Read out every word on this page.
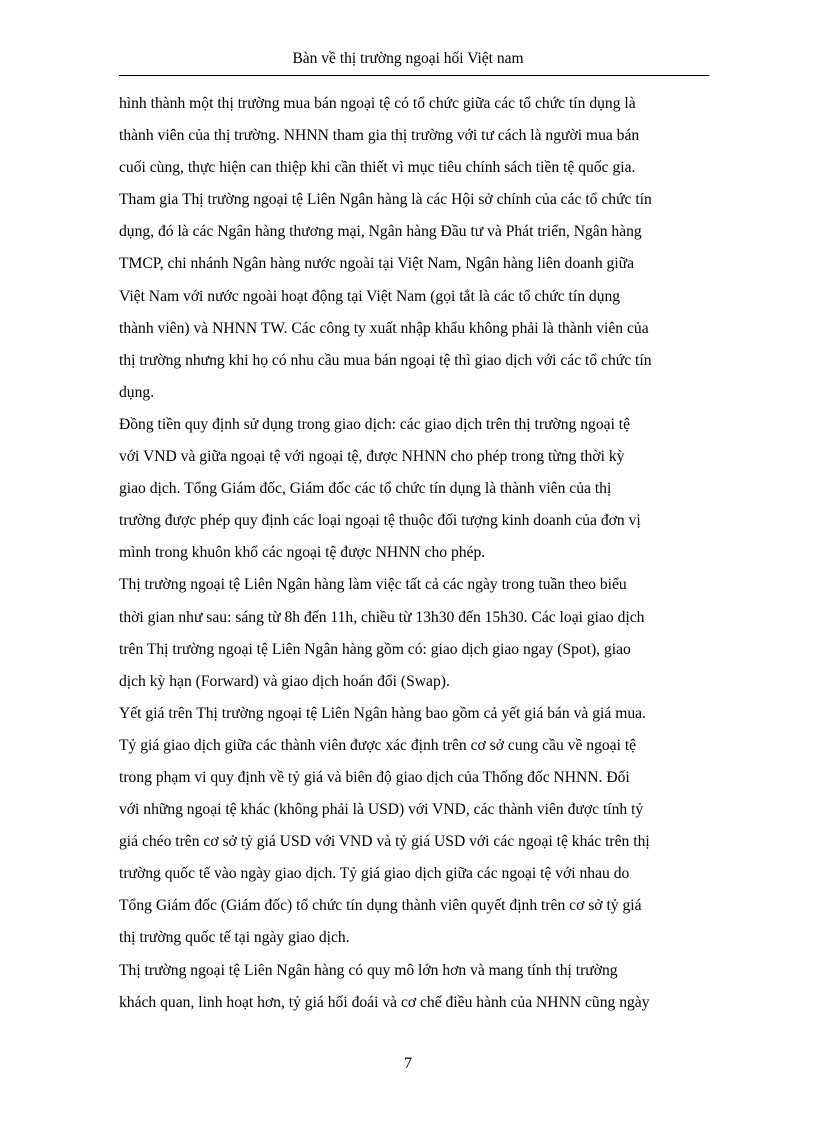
Bàn về thị trường ngoại hối Việt nam
hình thành một thị trường mua bán ngoại tệ có tổ chức giữa các tổ chức tín dụng là
thành viên của thị trường. NHNN tham gia thị trường với tư cách là người mua bán
cuối cùng, thực hiện can thiệp khi cần thiết vì mục tiêu chính sách tiền tệ quốc gia.
Tham gia Thị trường ngoại tệ Liên Ngân hàng là các Hội sở chính của các tổ chức tín
dụng, đó là các Ngân hàng thương mại, Ngân hàng Đầu tư và Phát triển, Ngân hàng
TMCP, chi nhánh Ngân hàng nước ngoài tại Việt Nam, Ngân hàng liên doanh giữa
Việt Nam với nước ngoài hoạt động tại Việt Nam (gọi tắt là các tổ chức tín dụng
thành viên) và NHNN TW. Các công ty xuất nhập khẩu không phải là thành viên của
thị trường nhưng khi họ có nhu cầu mua bán ngoại tệ thì giao dịch với các tổ chức tín
dụng.
Đồng tiền quy định sử dụng trong giao dịch: các giao dịch trên thị trường ngoại tệ
với VND và giữa ngoại tệ với ngoại tệ, được NHNN cho phép trong từng thời kỳ
giao dịch. Tổng Giám đốc, Giám đốc các tổ chức tín dụng là thành viên của thị
trường được phép quy định các loại ngoại tệ thuộc đối tượng kinh doanh của đơn vị
mình trong khuôn khổ các ngoại tệ được NHNN cho phép.
Thị trường ngoại tệ Liên Ngân hàng làm việc tất cả các ngày trong tuần theo biểu
thời gian như sau: sáng từ 8h đến 11h, chiều từ 13h30 đến 15h30. Các loại giao dịch
trên Thị trường ngoại tệ Liên Ngân hàng gồm có: giao dịch giao ngay (Spot), giao
dịch kỳ hạn (Forward) và giao dịch hoán đổi (Swap).
Yết giá trên Thị trường ngoại tệ Liên Ngân hàng bao gồm cả yết giá bán và giá mua.
Tỷ giá giao dịch giữa các thành viên được xác định trên cơ sở cung cầu về ngoại tệ
trong phạm vi quy định về tỷ giá và biên độ giao dịch của Thống đốc NHNN. Đối
với những ngoại tệ khác (không phải là USD) với VND, các thành viên được tính tỷ
giá chéo trên cơ sở tỷ giá USD với VND và tỷ giá USD với các ngoại tệ khác trên thị
trường quốc tế vào ngày giao dịch. Tỷ giá giao dịch giữa các ngoại tệ với nhau do
Tổng Giám đốc (Giám đốc) tổ chức tín dụng thành viên quyết định trên cơ sở tỷ giá
thị trường quốc tế tại ngày giao dịch.
Thị trường ngoại tệ Liên Ngân hàng có quy mô lớn hơn và mang tính thị trường
khách quan, linh hoạt hơn, tỷ giá hối đoái và cơ chế điều hành của NHNN cũng ngày
7
